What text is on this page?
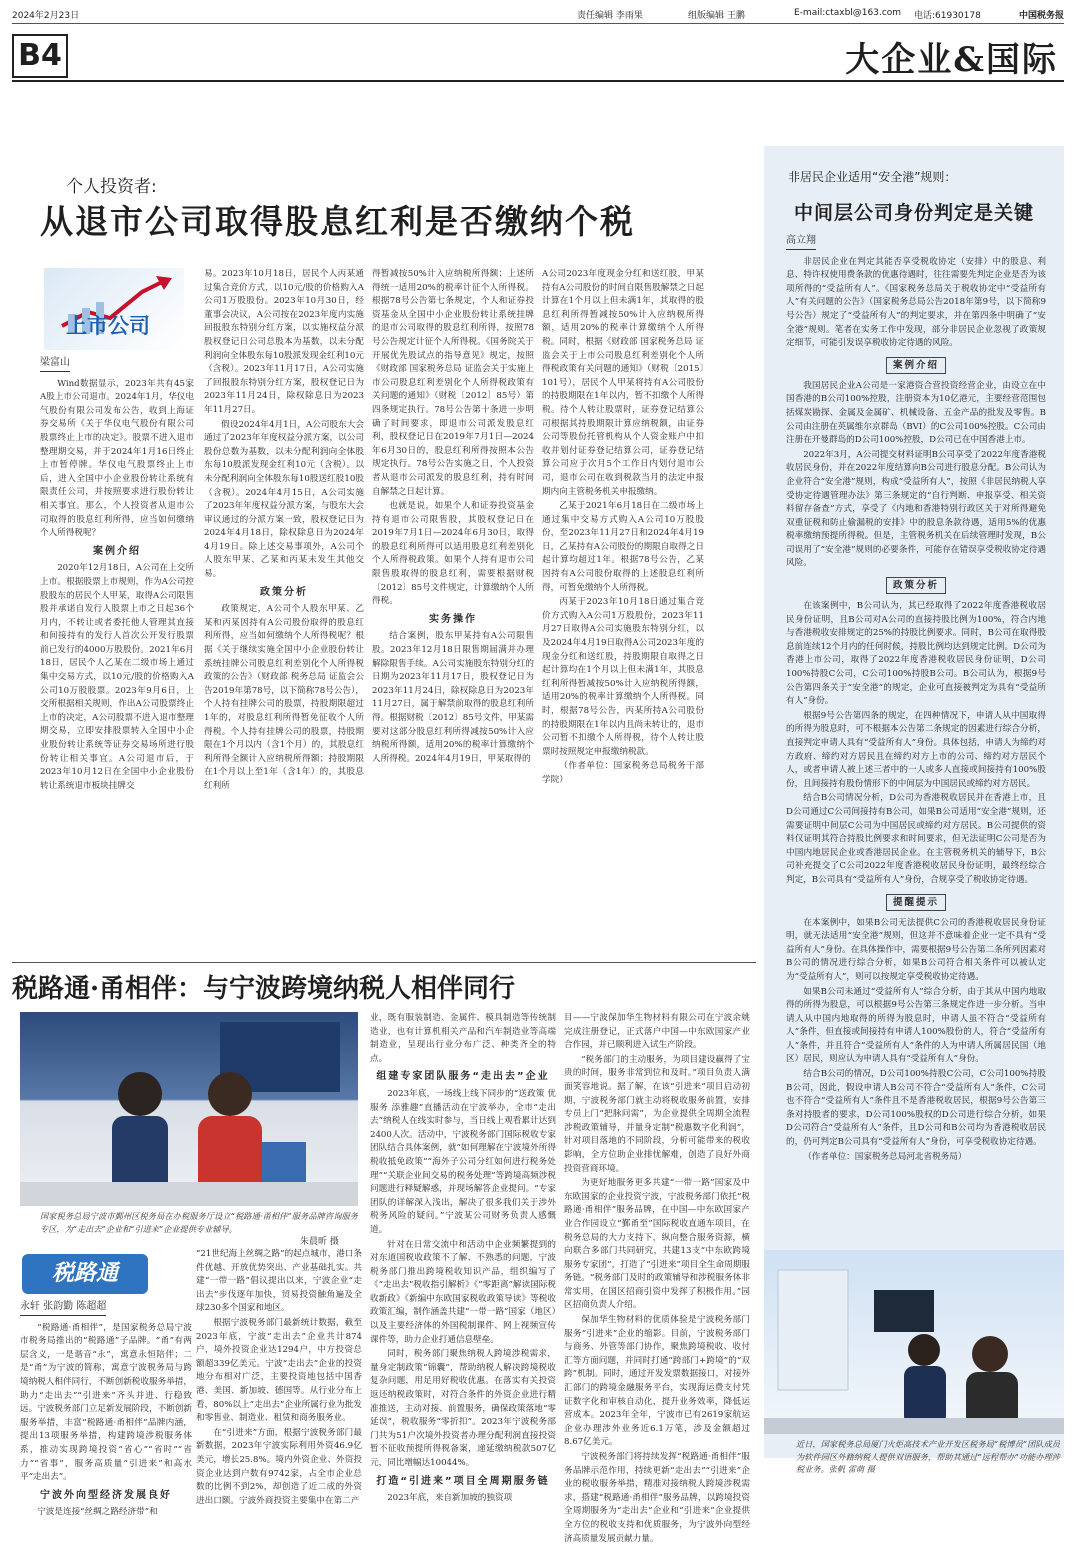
2024年2月23日	责任编辑 李雨果	组版编辑 王鹏	E-mail:ctaxbl@163.com 电话:61930178	中国税务报
B4	大企业&国际
个人投资者:
从退市公司取得股息红利是否缴纳个税
上市公司
梁富山

Wind数据显示，2023年共有45家A股上市公司退市。2024年1月，华仪电气股份有限公司发布公告，收到上海证券交易所《关于华仪电气股份有限公司股票终止上市的决定》。股票不进入退市整理期交易，并于2024年1月16日终止上市暂停牌。华仪电气股票终止上市后，进入全国中小企业股份转让系统有限责任公司，并按照要求进行股份转让相关事宜。那么，个人投资者从退市公司取得的股息红利所得，应当如何缴纳个人所得税呢？

案例介绍

2020年12月18日，A公司在上交所上市。根据股票上市规则，作为A公司控股股东的居民个人甲某，取得A公司限售股并承诺自发行人股票上市之日起36个月内，不转让或者委托他人管理其直接和间接持有的发行人首次公开发行股票前已发行的4000万股股份。2021年6月18日，居民个人乙某在二级市场上通过集中交易方式，以10元/股的价格购入A公司10万股股票。2023年9月6日，上交所根据相关规则，作出A公司股票终止上市的决定，A公司股票不进入退市整理期交易，立即安排股票转入全国中小企业股份转让系统等证券交易场所进行股份转让相关事宜。A公司退市后，于2023年10月12日在全国中小企业股份转让系统退市板块挂牌交

易。2023年10月18日，居民个人丙某通过集合竞价方式，以10元/股的价格购入A公司1万股股份。2023年10月30日，经董事会决议，A公司按在2023年度内实施回报股东特别分红方案，以实施权益分派股权登记日公司总股本为基数，以未分配利润向全体股东每10股派发现金红利10元（含税）。2023年11月17日，A公司实施了回报股东特别分红方案，股权登记日为2023年11月24日，除权除息日为2023年11月27日。

假设2024年4月1日，A公司股东大会通过了2023年年度权益分派方案，以公司股份总数为基数，以未分配利润向全体股东每10股派发现金红利10元（含税）。以未分配利润向全体股东每10股送红股10股（含税）。2024年4月15日，A公司实施了2023年年度权益分派方案，与股东大会审议通过的分派方案一致，股权登记日为2024年4月18日，除权除息日为2024年4月19日。除上述交易事项外，A公司个人股东甲某、乙某和丙某未发生其他交易。

政策分析

政策规定，A公司个人股东甲某、乙某和丙某因持有A公司股份取得的股息红利所得，应当如何缴纳个人所得税呢？根据《关于继续实施全国中小企业股份转让系统挂牌公司股息红利差别化个人所得税政策的公告》（财政部 税务总局 证监会公告2019年第78号，以下简称78号公告），个人持有挂牌公司的股票，持股期限超过1年的，对股息红利所得暂免征收个人所得税。个人持有挂牌公司的股票，持股期限在1个月以内（含1个月）的，其股息红利所得全额计入应纳税所得额；持股期限在1个月以上至1年（含1年）的，其股息红利所

得暂减按50%计入应纳税所得额；上述所得统一适用20%的税率计征个人所得税。根据78号公告第七条规定，个人和证券投资基金从全国中小企业股份转让系统挂牌的退市公司取得的股息红利所得，按照78号公告规定计征个人所得税。《国务院关于开展优先股试点的指导意见》规定，按照《财政部 国家税务总局 证监会关于实施上市公司股息红利差别化个人所得税政策有关问题的通知》（财税〔2012〕85号）第四条规定执行。78号公告第十条进一步明确了时间要求，即退市公司派发股息红利，股权登记日在2019年7月1日—2024年6月30日的，股息红利所得按照本公告规定执行。78号公告实施之日，个人投资者从退市公司派发的股息红利，持有时间自解禁之日起计算。

也就是说，如果个人和证券投资基金持有退市公司限售股，其股权登记日在2019年7月1日—2024年6月30日，取得的股息红利所得可以适用股息红利差别化个人所得税政策。如果个人持有退市公司限售股取得的股息红利，需要根据财税〔2012〕85号文件规定，计算缴纳个人所得税。

实务操作

结合案例，股东甲某持有A公司限售股。2023年12月18日限售期届满并办理解除限售手续。A公司实施股东特别分红的日期为2023年11月17日，股权登记日为2023年11月24日，除权除息日为2023年11月27日，属于解禁前取得的股息红利所得。根据财税〔2012〕85号文件，甲某需要对这部分股息红利所得减按50%计入应纳税所得额，适用20%的税率计算缴纳个人所得税。2024年4月19日，甲某取得的

A公司2023年度现金分红和送红股，甲某持有A公司股份的时间自限售股解禁之日起计算在1个月以上但未满1年，其取得的股息红利所得暂减按50%计入应纳税所得额，适用20%的税率计算缴纳个人所得税。同时，根据《财政部 国家税务总局 证监会关于上市公司股息红利差别化个人所得税政策有关问题的通知》（财税〔2015〕101号），居民个人甲某将持有A公司股份的持股期限在1年以内，暂不扣缴个人所得税。待个人转让股票时，证券登记结算公司根据其持股期限计算应纳税额，由证券公司等股份托管机构从个人资金账户中扣收并划付证券登记结算公司，证券登记结算公司应于次月5个工作日内划付退市公司，退市公司在收到税款当月的法定申报期内向主管税务机关申报缴纳。

乙某于2021年6月18日在二级市场上通过集中交易方式购入A公司10万股股份，至2023年11月27日和2024年4月19日，乙某持有A公司股份的期限自取得之日起计算均超过1年。根据78号公告，乙某因持有A公司股份取得的上述股息红利所得，可暂免缴纳个人所得税。

丙某于2023年10月18日通过集合竞价方式购入A公司1万股股份，2023年11月27日取得A公司实施股东特别分红，以及2024年4月19日取得A公司2023年度的现金分红和送红股，持股期限自取得之日起计算均在1个月以上但未满1年，其股息红利所得暂减按50%计入应纳税所得额，适用20%的税率计算缴纳个人所得税。同时，根据78号公告，丙某所持A公司股份的持股期限在1年以内且尚未转让的，退市公司暂不扣缴个人所得税，待个人转让股票时按照规定申报缴纳税款。

（作者单位：国家税务总局税务干部学院）

税路通·甬相伴：与宁波跨境纳税人相伴同行
国家税务总局宁波市鄞州区税务局在办税服务厅设立“税路通·甬相伴”服务品牌咨询服务专区，为“走出去”企业和“引进来”企业提供专业辅导。
朱晨昕 摄
税路通
永轩 张韵勤 陈超超

“税路通·甬相伴”，是国家税务总局宁波市税务局推出的“税路通”子品牌。“甬”有两层含义，一是谐音“永”，寓意永恒陪伴；二是“甬”为宁波的简称，寓意宁波税务局与跨境纳税人相伴同行，不断创新税收服务举措，助力“走出去”“引进来”齐头并进、行稳致远。宁波税务部门立足新发展阶段，不断创新服务举措，丰富“税路通·甬相伴”品牌内涵，提出13项服务举措，构建跨境涉税服务体系，推动实现跨境投资“省心”“省时”“省力”“省事”，服务高质量“引进来”和高水平“走出去”。

宁波外向型经济发展良好

宁波是连接“丝绸之路经济带”和

“21世纪海上丝绸之路”的起点城市，港口条件优越、开放优势突出、产业基础扎实。共建“一带一路”倡议提出以来，宁波企业“走出去”步伐逐年加快，贸易投资触角遍及全球230多个国家和地区。

根据宁波税务部门最新统计数据，截至2023年底，宁波“走出去”企业共计874户，境外投资企业达1294户，中方投资总额超339亿美元。宁波“走出去”企业的投资地分布相对广泛，主要投资地包括中国香港、美国、新加坡、德国等。从行业分布上看，80%以上“走出去”企业所属行业为批发和零售业、制造业、租赁和商务服务业。

在“引进来”方面，根据宁波税务部门最新数据，2023年宁波实际利用外资46.9亿美元，增长25.8%。境内外资企业、外资投资企业达到户数有9742家，占全市企业总数的比例不到2%，却创造了近二成的外资进出口额。宁波外商投资主要集中在第二产

业，既有服装制造、金属件、模具制造等传统制造业，也有计算机相关产品和汽车制造业等高端制造业，呈现出行业分布广泛、种类齐全的特点。

组建专家团队服务“走出去”企业

2023年底，一场线上线下同步的“送政策 优服务 添雅趣”直播活动在宁波举办，全市“走出去”纳税人在线实时参与，当日线上观看累计达到2400人次。活动中，宁波税务部门国际税收专家团队结合具体案例，就“如何理解在宁波境外所得税收抵免政策”“海外子公司分红如何进行税务处理”“关联企业间交易的税务处理”等跨境高频涉税问题进行释疑解惑，并现场解答企业提问。“专家团队的详解深入浅出，解决了很多我们关于涉外税务风险的疑问。”宁波某公司财务负责人感慨道。

针对在日常交流中和活动中企业频繁提到的对东道国税收政策不了解、不熟悉的问题，宁波税务部门推出跨境税收知识产品，组织编写了《“走出去”税收指引解析》《“零距离”解读国际税收新政》《新编中东欧国家税收政策导读》等税收政策汇编，制作涵盖共建“一带一路”国家（地区）以及主要经济体的外国税制课件、网上视频宣传课件等，助力企业打通信息壁垒。

同时，税务部门聚焦纳税人跨境涉税需求，量身定制政策“锦囊”，帮助纳税人解决跨境税收复杂问题，用足用好税收优惠。在落实有关投资返还纳税政策时，对符合条件的外资企业进行精准推送，主动对接、前置服务，确保政策落地“零延误”，税收服务“零折扣”。2023年宁波税务部门共为51户次境外投资者办理分配利润直接投资暂不征收预提所得税备案，递延缴纳税款507亿元，同比增幅达10044%。

打造“引进来”项目全周期服务链

2023年底，来自新加坡的独资项

目——宁波保加华生物材料有限公司在宁波余姚完成注册登记，正式落户中国—中东欧国家产业合作园，并已顺利进入试生产阶段。

“税务部门的主动服务，为项目建设赢得了宝贵的时间，服务非常到位和及时。”项目负责人满面笑容地说。据了解，在该“引进来”项目启动初期，宁波税务部门就主动将税收服务前置，安排专员上门“把脉问需”，为企业提供全周期全流程涉税政策辅导，并量身定制“税惠数字化利润”，针对项目落地的不同阶段，分析可能带来的税收影响，全方位助企业排忧解难，创造了良好外商投资营商环境。

为更好地服务更多共建“一带一路”国家及中东欧国家的企业投资宁波，宁波税务部门依托“税路通·甬相伴”服务品牌，在中国—中东欧国家产业合作园设立“鄞甬至”国际税收直通车项目，在税务总局的大力支持下，纵向整合服务资源，横向联合多部门共同研究，共建13支“中东欧跨境服务专家团”，打造了“引进来”项目全生命周期服务链。“税务部门及时的政策辅导和涉税服务体非常实用，在国区招商引资中发挥了积极作用。”园区招商负责人介绍。

保加华生物材料的优质体验是宁波税务部门服务“引进来”企业的缩影。目前，宁波税务部门与商务、外管等部门协作，聚焦跨境税收、收付汇等方面问题，并同时打通“跨部门+跨境”的“双跨”机制。同时，通过开发发票数据接口，对接外汇部门的跨境金融服务平台，实现海运费支付凭证数字化和审核自动化，提升业务效率，降低运营成本。2023年全年，宁波市已有2619家航运企业办理涉外业务近6.1万笔，涉及金额超过8.67亿美元。

宁波税务部门将持续发挥“税路通·甬相伴”服务品牌示范作用，持续更新“走出去”“引进来”企业的税收服务举措，精准对接纳税人跨境涉税需求，搭建“税路通·甬相伴”服务品牌，以跨境投资全周期服务为“走出去”企业和“引进来”企业提供全方位的税收支持和优质服务，为宁波外向型经济高质量发展贡献力量。

非居民企业适用“安全港”规则：
中间层公司身份判定是关键
高立翔

非居民企业在判定其能否享受税收协定（安排）中的股息、利息、特许权使用费条款的优惠待遇时，往往需要先判定企业是否为该项所得的“受益所有人”。《国家税务总局关于税收协定中“受益所有人”有关问题的公告》（国家税务总局公告2018年第9号，以下简称9号公告）规定了“受益所有人”的判定要求，并在第四条中明确了“安全港”规则。笔者在实务工作中发现，部分非居民企业忽视了政策规定细节，可能引发误享税收协定待遇的风险。

案例介绍

我国居民企业A公司是一家港资合营投资经营企业，由设立在中国香港的B公司100%控股，注册资本为10亿港元，主要经营范围包括煤炭勘探、金属及金属矿、机械设备、五金产品的批发及零售。B公司由注册在英属维尔京群岛（BVI）的C公司100%控股。C公司由注册在开曼群岛的D公司100%控股，D公司已在中国香港上市。

2022年3月，A公司提交材料证明B公司享受了2022年度香港税收居民身份，并在2022年度结算向B公司进行股息分配。B公司认为企业符合“安全港”规则，构成“受益所有人”，按照《非居民纳税人享受协定待遇管理办法》第三条规定的“自行判断、申报享受、相关资料留存备查”方式，享受了《内地和香港特别行政区关于对所得避免双重征税和防止偷漏税的安排》中的股息条款待遇，适用5%的优惠税率缴纳预提所得税。但是，主管税务机关在后续管理时发现，B公司误用了“安全港”规则的必要条件，可能存在错误享受税收协定待遇风险。

政策分析

在该案例中，B公司认为，其已经取得了2022年度香港税收居民身份证明，且B公司对A公司的直接持股比例为100%，符合内地与香港税收安排规定的25%的持股比例要求。同时，B公司在取得股息前连续12个月内的任何时候，持股比例均达到规定比例。D公司为香港上市公司，取得了2022年度香港税收居民身份证明，D公司100%持股C公司，C公司100%持股B公司。B公司认为，根据9号公告第四条关于“安全港”的规定，企业可直接被判定为具有“受益所有人”身份。

根据9号公告第四条的规定，在四种情况下，申请人从中国取得的所得为股息时，可不根据本公告第二条规定的因素进行综合分析，直接判定申请人具有“受益所有人”身份。具体包括，申请人为缔约对方政府、缔约对方居民且在缔约对方上市的公司、缔约对方居民个人，或者申请人被上述三者中的一人或多人直接或间接持有100%股份，且间接持有股份情形下的中间层为中国居民或缔约对方居民。

结合B公司情况分析，D公司为香港税收居民并在香港上市，且D公司通过C公司间接持有B公司，如果B公司适用“安全港”规则，还需要证明中间层C公司为中国居民或缔约对方居民。B公司提供的资料仅证明其符合持股比例要求和时间要求，但无法证明C公司是否为中国内地居民企业或香港居民企业。在主管税务机关的辅导下，B公司补充提交了C公司2022年度香港税收居民身份证明，最终经综合判定，B公司具有“受益所有人”身份，合规享受了税收协定待遇。

提醒提示

在本案例中，如果B公司无法提供C公司的香港税收居民身份证明，就无法适用“安全港”规则，但这并不意味着企业一定不具有“受益所有人”身份。在具体操作中，需要根据9号公告第二条所列因素对B公司的情况进行综合分析，如果B公司符合相关条件可以被认定为“受益所有人”，则可以按规定享受税收协定待遇。

如果B公司未通过“受益所有人”综合分析，由于其从中国内地取得的所得为股息，可以根据9号公告第三条规定作进一步分析。当申请人从中国内地取得的所得为股息时，申请人虽不符合“受益所有人”条件，但直接或间接持有申请人100%股份的人，符合“受益所有人”条件，并且符合“受益所有人”条件的人为申请人所属居民国（地区）居民，则应认为申请人具有“受益所有人”身份。

结合B公司的情况，D公司100%持股C公司，C公司100%持股B公司，因此，假设申请人B公司不符合“受益所有人”条件，C公司也不符合“受益所有人”条件且不是香港税收居民，根据9号公告第三条对持股者的要求，D公司100%股权的D公司进行综合分析，如果D公司符合“受益所有人”条件，且D公司和B公司均为香港税收居民的，仍可判定B公司具有“受益所有人”身份，可享受税收协定待遇。

（作者单位：国家税务总局河北省税务局）

近日，国家税务总局厦门火炬高技术产业开发区税务局“税博员”团队成员为软件园区外籍纳税人提供双语服务，帮助其通过“远程帮办”功能办理涉税业务。张帆 雷萌 摄
